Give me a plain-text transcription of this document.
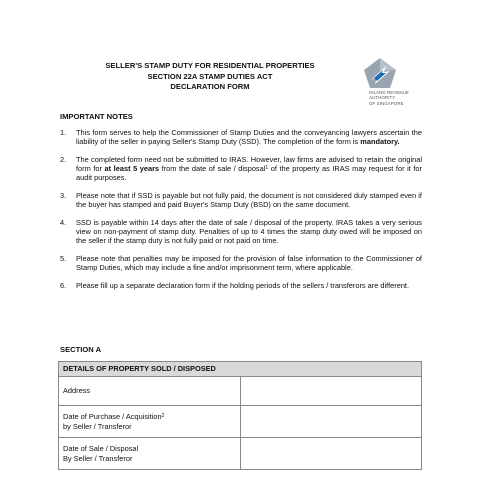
SELLER'S STAMP DUTY FOR RESIDENTIAL PROPERTIES
SECTION 22A STAMP DUTIES ACT
DECLARATION FORM
INLAND REVENUE
AUTHORITY
OF SINGAPORE
IMPORTANT NOTES
1. This form serves to help the Commissioner of Stamp Duties and the conveyancing lawyers ascertain the liability of the seller in paying Seller's Stamp Duty (SSD). The completion of the form is mandatory.
2. The completed form need not be submitted to IRAS. However, law firms are advised to retain the original form for at least 5 years from the date of sale / disposal$^1$ of the property as IRAS may request for it for audit purposes.
3. Please note that if SSD is payable but not fully paid, the document is not considered duly stamped even if the buyer has stamped and paid Buyer's Stamp Duty (BSD) on the same document.
4. SSD is payable within 14 days after the date of sale / disposal of the property. IRAS takes a very serious view on non-payment of stamp duty. Penalties of up to 4 times the stamp duty owed will be imposed on the seller if the stamp duty is not fully paid or not paid on time.
5. Please note that penalties may be imposed for the provision of false information to the Commissioner of Stamp Duties, which may include a fine and/or imprisonment term, where applicable.
6. Please fill up a separate declaration form if the holding periods of the sellers / transferors are different.
SECTION A
DETAILS OF PROPERTY SOLD / DISPOSED	
Address	
Date of Purchase / Acquisition$^2$
by Seller / Transferor	
Date of Sale / Disposal
By Seller / Transferor	
